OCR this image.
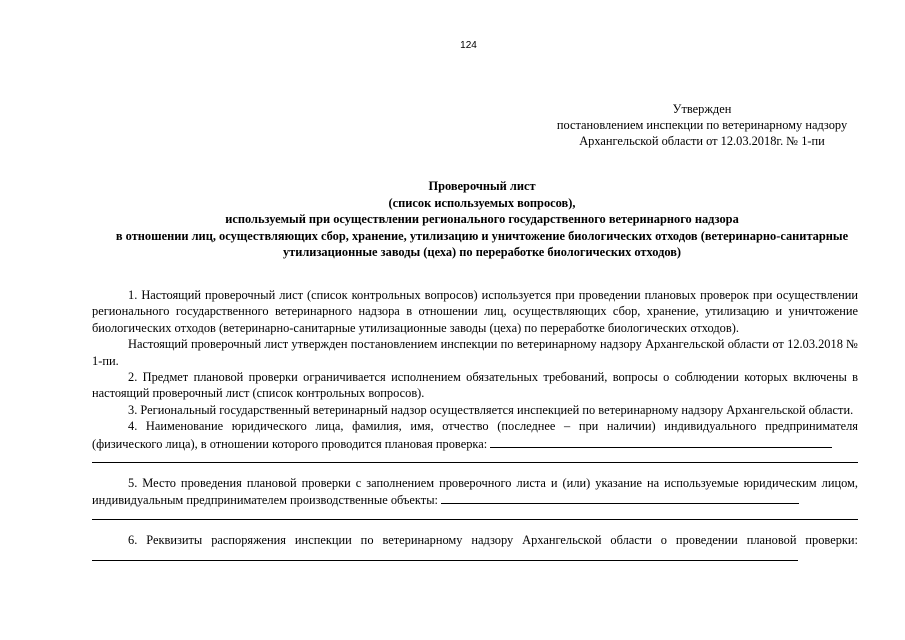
124
Утвержден
постановлением инспекции по ветеринарному надзору
Архангельской области от 12.03.2018г. № 1-пи
Проверочный лист
(список используемых вопросов),
используемый при осуществлении регионального государственного ветеринарного надзора
в отношении лиц, осуществляющих сбор, хранение, утилизацию и уничтожение биологических отходов (ветеринарно-санитарные
утилизационные заводы (цеха) по переработке биологических отходов)

1. Настоящий проверочный лист (список контрольных вопросов) используется при проведении плановых проверок при осуществлении регионального государственного ветеринарного надзора в отношении лиц, осуществляющих сбор, хранение, утилизацию и уничтожение биологических отходов (ветеринарно-санитарные утилизационные заводы (цеха) по переработке биологических отходов).

Настоящий проверочный лист утвержден постановлением инспекции по ветеринарному надзору Архангельской области от 12.03.2018 № 1-пи.

2. Предмет плановой проверки ограничивается исполнением обязательных требований, вопросы о соблюдении которых включены в настоящий проверочный лист (список контрольных вопросов).

3. Региональный государственный ветеринарный надзор осуществляется инспекцией по ветеринарному надзору Архангельской области.

4. Наименование юридического лица, фамилия, имя, отчество (последнее – при наличии) индивидуального предпринимателя (физического лица), в отношении которого проводится плановая проверка:

5. Место проведения плановой проверки с заполнением проверочного листа и (или) указание на используемые юридическим лицом, индивидуальным предпринимателем производственные объекты:

6. Реквизиты распоряжения инспекции по ветеринарному надзору Архангельской области о проведении плановой проверки:
